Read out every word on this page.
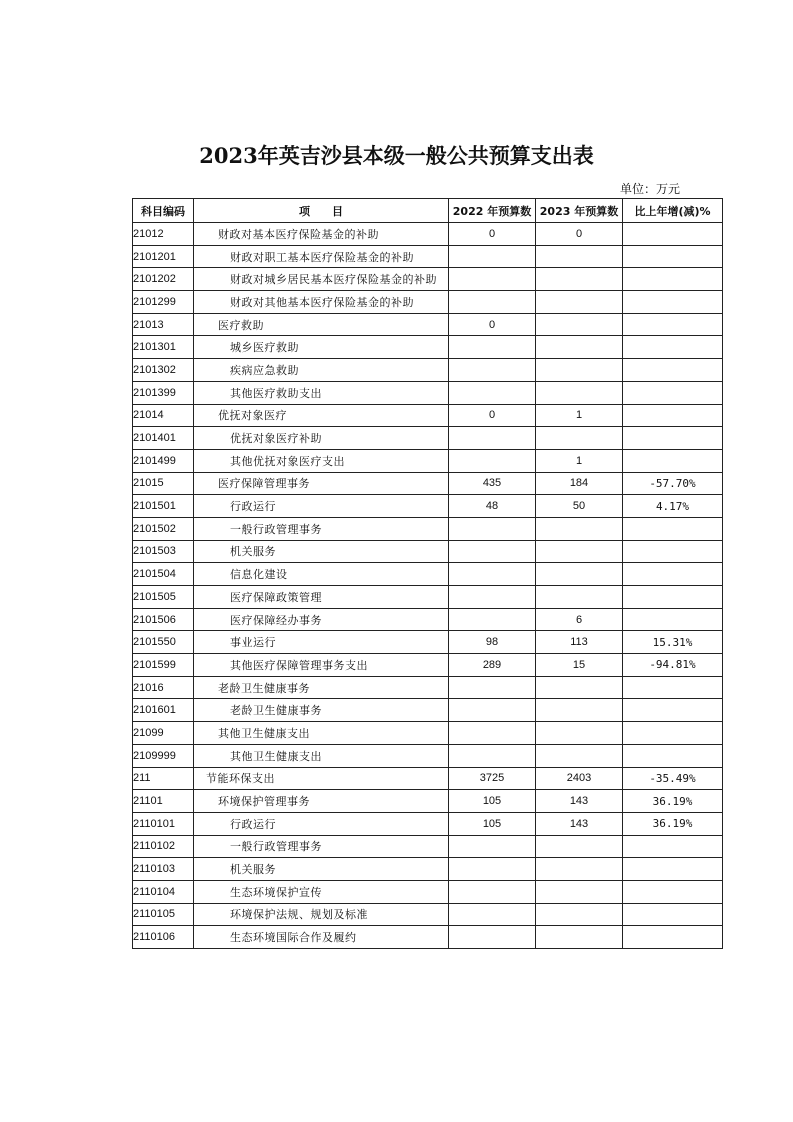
2023年英吉沙县本级一般公共预算支出表
单位：万元
科目编码	项　　目	2022 年预算数	2023 年预算数	比上年增(减)%
21012	财政对基本医疗保险基金的补助	0	0	
2101201	财政对职工基本医疗保险基金的补助			
2101202	财政对城乡居民基本医疗保险基金的补助			
2101299	财政对其他基本医疗保险基金的补助			
21013	医疗救助	0		
2101301	城乡医疗救助			
2101302	疾病应急救助			
2101399	其他医疗救助支出			
21014	优抚对象医疗	0	1	
2101401	优抚对象医疗补助			
2101499	其他优抚对象医疗支出		1	
21015	医疗保障管理事务	435	184	-57.70%
2101501	行政运行	48	50	4.17%
2101502	一般行政管理事务			
2101503	机关服务			
2101504	信息化建设			
2101505	医疗保障政策管理			
2101506	医疗保障经办事务		6	
2101550	事业运行	98	113	15.31%
2101599	其他医疗保障管理事务支出	289	15	-94.81%
21016	老龄卫生健康事务			
2101601	老龄卫生健康事务			
21099	其他卫生健康支出			
2109999	其他卫生健康支出			
211	节能环保支出	3725	2403	-35.49%
21101	环境保护管理事务	105	143	36.19%
2110101	行政运行	105	143	36.19%
2110102	一般行政管理事务			
2110103	机关服务			
2110104	生态环境保护宣传			
2110105	环境保护法规、规划及标准			
2110106	生态环境国际合作及履约			
